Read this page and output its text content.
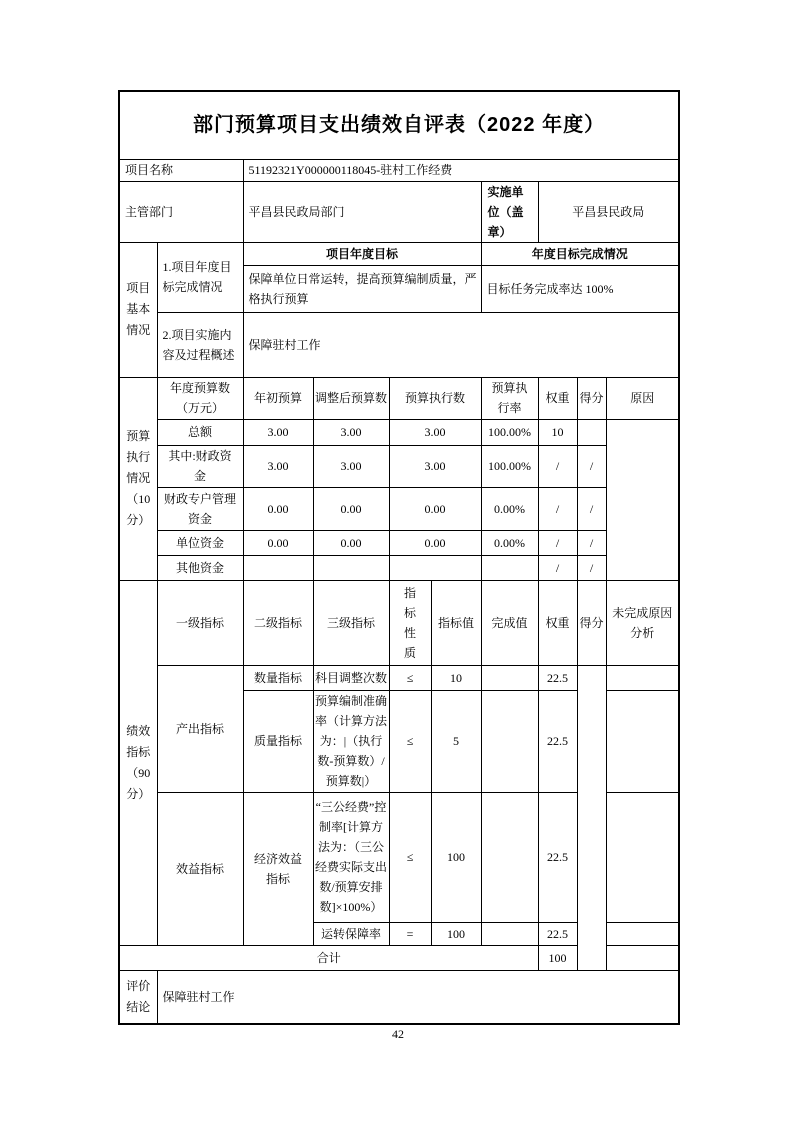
部门预算项目支出绩效自评表（2022 年度）									
项目名称		51192321Y000000118045-驻村工作经费							
主管部门		平昌县民政局部门				实施单位（盖章）	平昌县民政局		
项目基本情况	1.项目年度目标完成情况	项目年度目标				年度目标完成情况			
		保障单位日常运转，提高预算编制质量，严格执行预算				目标任务完成率达 100%			
	2.项目实施内容及过程概述	保障驻村工作							
预算执行情况（10分）	年度预算数（万元）	年初预算	调整后预算数	预算执行数		预算执行率	权重	得分	原因
	总额	3.00	3.00	3.00		100.00%	10		
	其中:财政资金	3.00	3.00	3.00		100.00%	/	/	
	财政专户管理资金	0.00	0.00	0.00		0.00%	/	/	
	单位资金	0.00	0.00	0.00		0.00%	/	/	
	其他资金						/	/	
绩效指标（90分）	一级指标	二级指标	三级指标	指标性质	指标值	完成值	权重	得分	未完成原因分析
	产出指标	数量指标	科目调整次数	≤	10		22.5		
		质量指标	预算编制准确率（计算方法为：|（执行数-预算数）/预算数|）	≤	5		22.5		
	效益指标	经济效益指标	“三公经费”控制率[计算方法为：（三公经费实际支出数/预算安排数]×100%）	≤	100		22.5		
			运转保障率	=	100		22.5		
合计							100		
评价结论	保障驻村工作								
42
